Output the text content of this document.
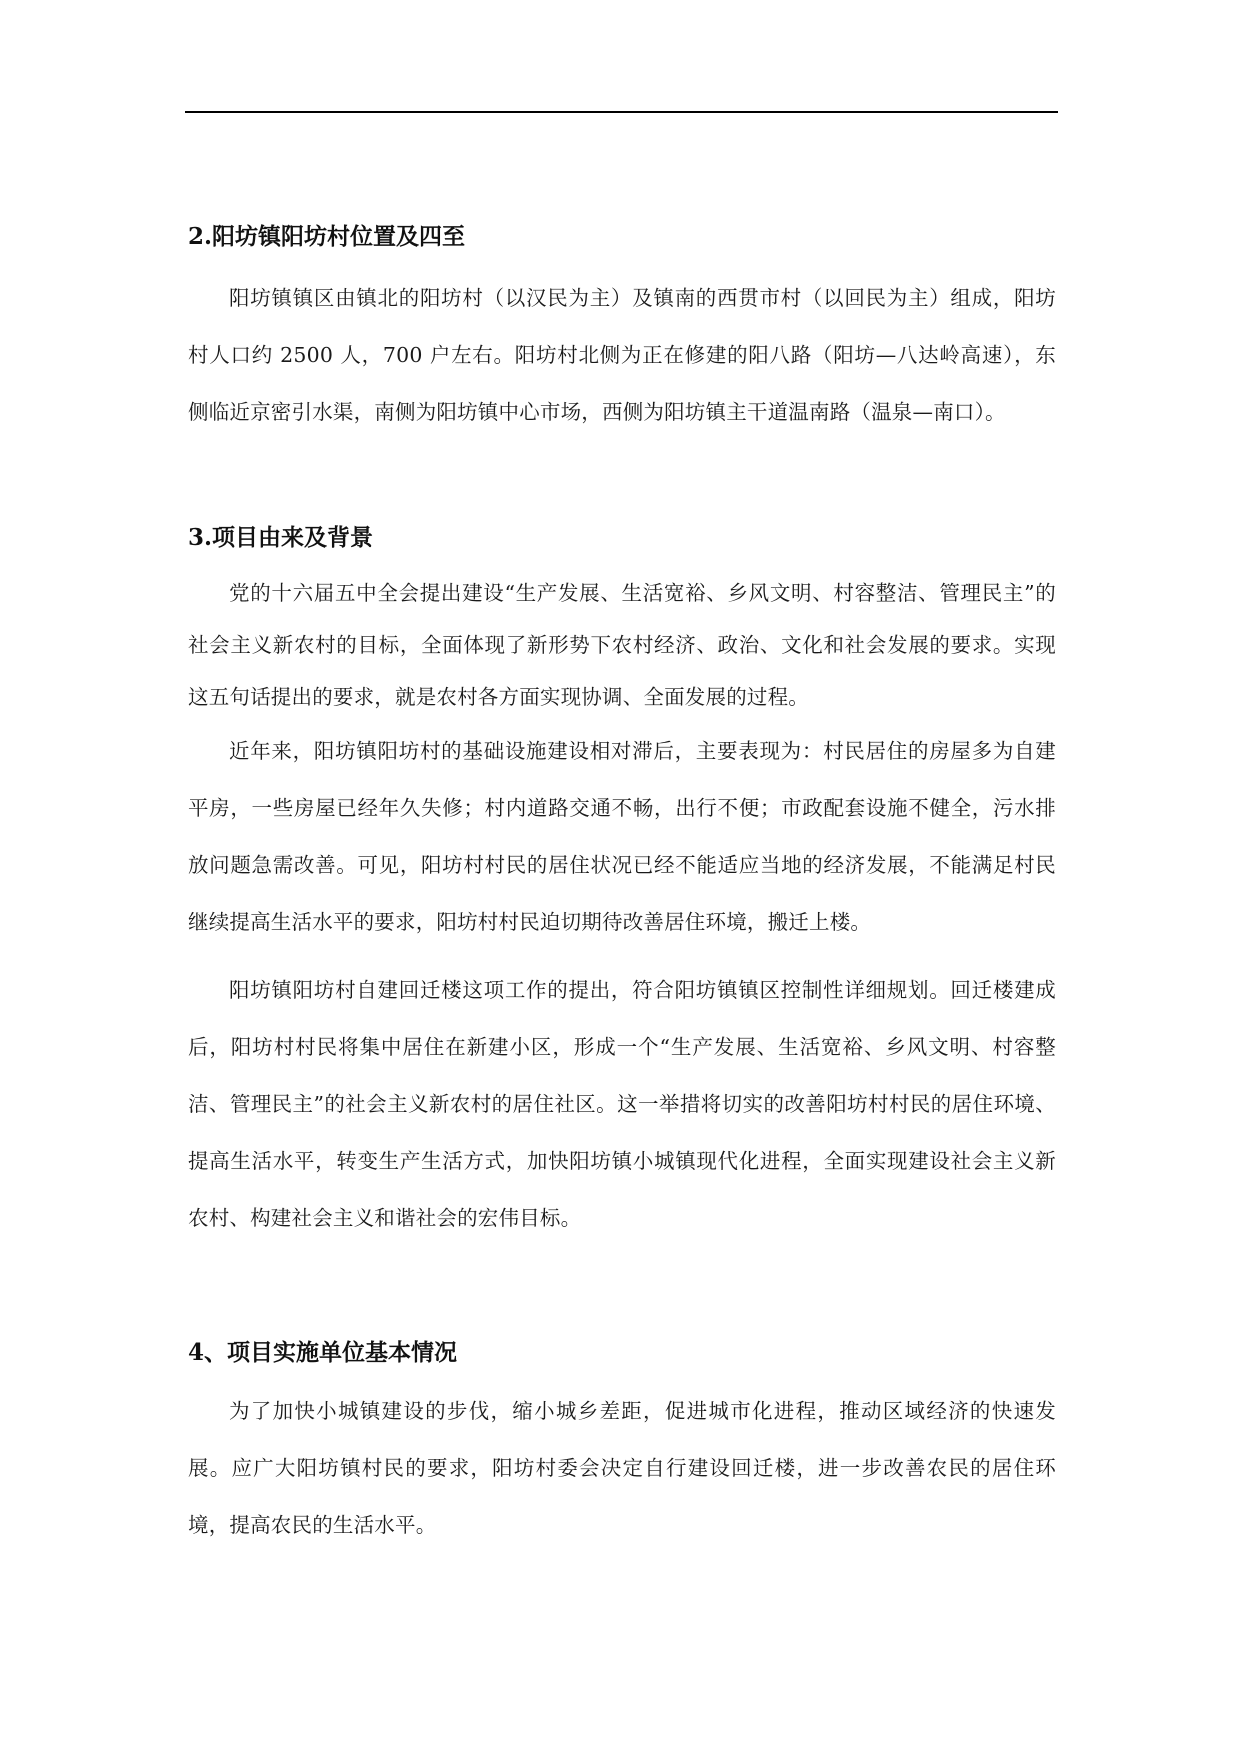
2.阳坊镇阳坊村位置及四至

阳坊镇镇区由镇北的阳坊村（以汉民为主）及镇南的西贯市村（以回民为主）组成，阳坊村人口约 2500 人，700 户左右。阳坊村北侧为正在修建的阳八路（阳坊—八达岭高速），东侧临近京密引水渠，南侧为阳坊镇中心市场，西侧为阳坊镇主干道温南路（温泉—南口）。

3.项目由来及背景

党的十六届五中全会提出建设“生产发展、生活宽裕、乡风文明、村容整洁、管理民主”的社会主义新农村的目标，全面体现了新形势下农村经济、政治、文化和社会发展的要求。实现这五句话提出的要求，就是农村各方面实现协调、全面发展的过程。

近年来，阳坊镇阳坊村的基础设施建设相对滞后，主要表现为：村民居住的房屋多为自建平房，一些房屋已经年久失修；村内道路交通不畅，出行不便；市政配套设施不健全，污水排放问题急需改善。可见，阳坊村村民的居住状况已经不能适应当地的经济发展，不能满足村民继续提高生活水平的要求，阳坊村村民迫切期待改善居住环境，搬迁上楼。

阳坊镇阳坊村自建回迁楼这项工作的提出，符合阳坊镇镇区控制性详细规划。回迁楼建成后，阳坊村村民将集中居住在新建小区，形成一个“生产发展、生活宽裕、乡风文明、村容整洁、管理民主”的社会主义新农村的居住社区。这一举措将切实的改善阳坊村村民的居住环境、提高生活水平，转变生产生活方式，加快阳坊镇小城镇现代化进程，全面实现建设社会主义新农村、构建社会主义和谐社会的宏伟目标。

4、项目实施单位基本情况

为了加快小城镇建设的步伐，缩小城乡差距，促进城市化进程，推动区域经济的快速发展。应广大阳坊镇村民的要求，阳坊村委会决定自行建设回迁楼，进一步改善农民的居住环境，提高农民的生活水平。
